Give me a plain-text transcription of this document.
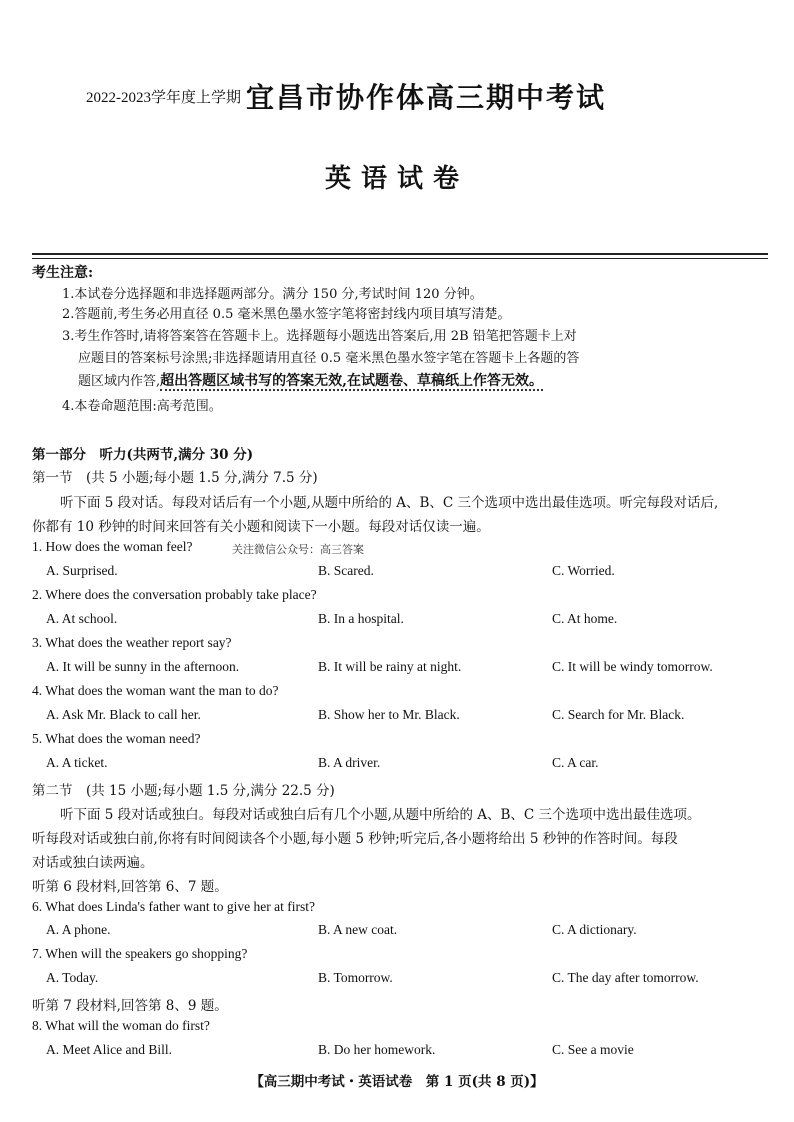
2022-2023学年度上学期 宜昌市协作体高三期中考试
英语试卷
考生注意:
1.本试卷分选择题和非选择题两部分。满分 150 分,考试时间 120 分钟。
2.答题前,考生务必用直径 0.5 毫米黑色墨水签字笔将密封线内项目填写清楚。
3.考生作答时,请将答案答在答题卡上。选择题每小题选出答案后,用 2B 铅笔把答题卡上对
应题目的答案标号涂黑;非选择题请用直径 0.5 毫米黑色墨水签字笔在答题卡上各题的答
题区域内作答,超出答题区域书写的答案无效,在试题卷、草稿纸上作答无效。
4.本卷命题范围:高考范围。
第一部分　听力(共两节,满分 30 分)
第一节　(共 5 小题;每小题 1.5 分,满分 7.5 分)
听下面 5 段对话。每段对话后有一个小题,从题中所给的 A、B、C 三个选项中选出最佳选项。听完每段对话后,
你都有 10 秒钟的时间来回答有关小题和阅读下一小题。每段对话仅读一遍。
1. How does the woman feel?	关注微信公众号：高三答案
A. Surprised.	B. Scared.	C. Worried.
2. Where does the conversation probably take place?
A. At school.	B. In a hospital.	C. At home.
3. What does the weather report say?
A. It will be sunny in the afternoon.	B. It will be rainy at night.	C. It will be windy tomorrow.
4. What does the woman want the man to do?
A. Ask Mr. Black to call her.	B. Show her to Mr. Black.	C. Search for Mr. Black.
5. What does the woman need?
A. A ticket.	B. A driver.	C. A car.
第二节　(共 15 小题;每小题 1.5 分,满分 22.5 分)
听下面 5 段对话或独白。每段对话或独白后有几个小题,从题中所给的 A、B、C 三个选项中选出最佳选项。
听每段对话或独白前,你将有时间阅读各个小题,每小题 5 秒钟;听完后,各小题将给出 5 秒钟的作答时间。每段
对话或独白读两遍。
听第 6 段材料,回答第 6、7 题。
6. What does Linda's father want to give her at first?
A. A phone.	B. A new coat.	C. A dictionary.
7. When will the speakers go shopping?
A. Today.	B. Tomorrow.	C. The day after tomorrow.
听第 7 段材料,回答第 8、9 题。
8. What will the woman do first?
A. Meet Alice and Bill.	B. Do her homework.	C. See a movie
【高三期中考试・英语试卷　第 1 页(共 8 页)】
